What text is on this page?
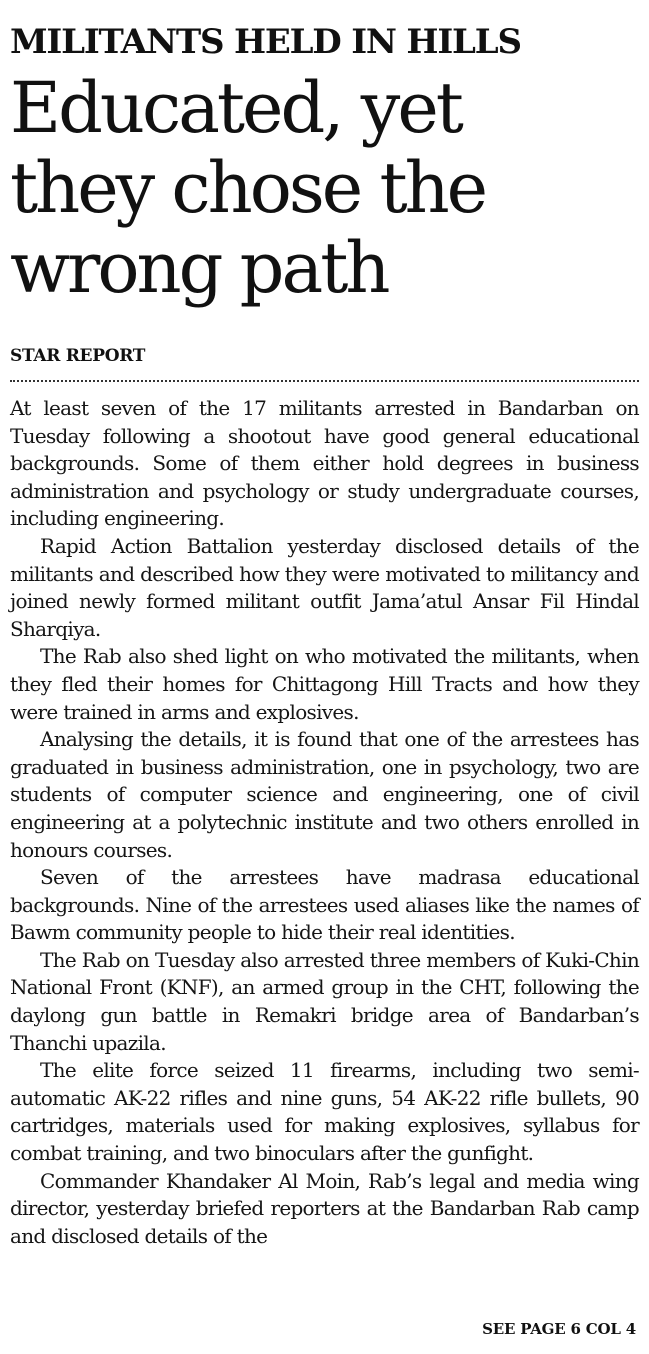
MILITANTS HELD IN HILLS
Educated, yet
they chose the
wrong path
STAR REPORT

At least seven of the 17 militants arrested in Bandarban on Tuesday following a shootout have good general educational backgrounds. Some of them either hold degrees in business administration and psychology or study undergraduate courses, including engineering.

Rapid Action Battalion yesterday disclosed details of the militants and described how they were motivated to militancy and joined newly formed militant outfit Jama’atul Ansar Fil Hindal Sharqiya.

The Rab also shed light on who motivated the militants, when they fled their homes for Chittagong Hill Tracts and how they were trained in arms and explosives.

Analysing the details, it is found that one of the arrestees has graduated in business administration, one in psychology, two are students of computer science and engineering, one of civil engineering at a polytechnic institute and two others enrolled in honours courses.

Seven of the arrestees have madrasa educational backgrounds. Nine of the arrestees used aliases like the names of Bawm community people to hide their real identities.

The Rab on Tuesday also arrested three members of Kuki-Chin National Front (KNF), an armed group in the CHT, following the daylong gun battle in Remakri bridge area of Bandarban’s Thanchi upazila.

The elite force seized 11 firearms, including two semi-automatic AK-22 rifles and nine guns, 54 AK-22 rifle bullets, 90 cartridges, materials used for making explosives, syllabus for combat training, and two binoculars after the gunfight.

Commander Khandaker Al Moin, Rab’s legal and media wing director, yesterday briefed reporters at the Bandarban Rab camp and disclosed details of the

SEE PAGE 6 COL 4
